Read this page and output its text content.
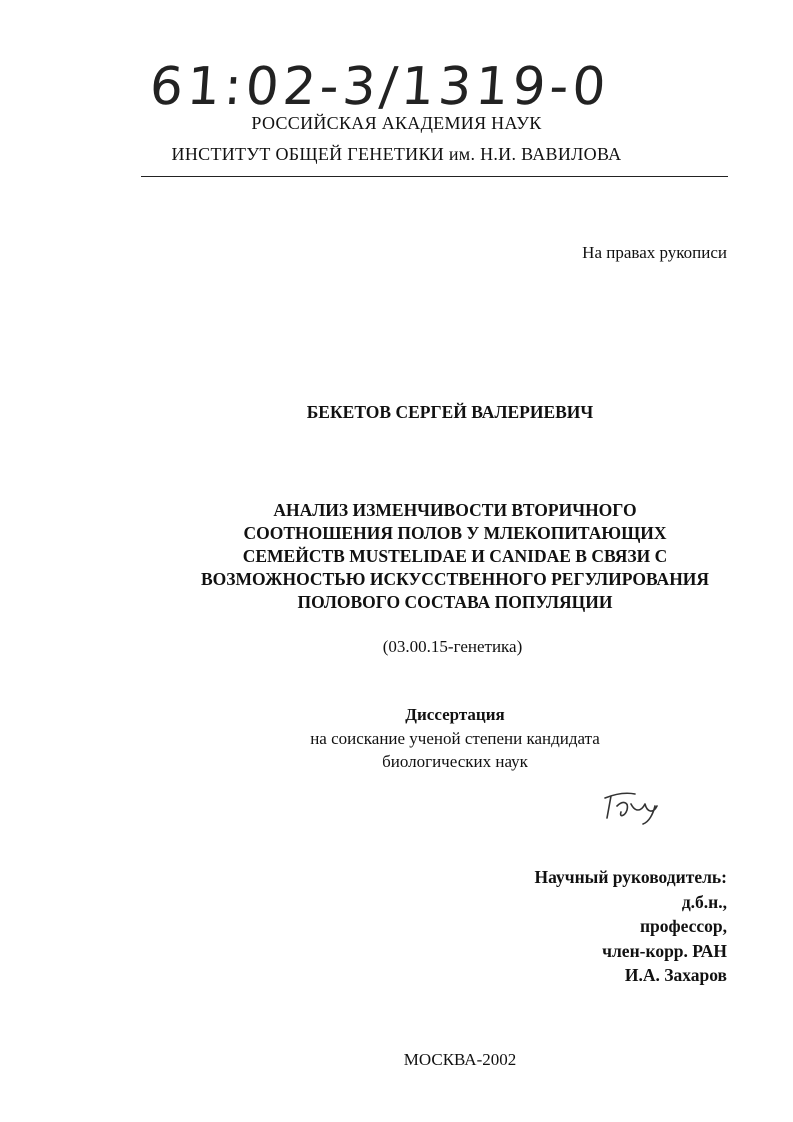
61:02-3/1319-0
РОССИЙСКАЯ АКАДЕМИЯ НАУК
ИНСТИТУТ ОБЩЕЙ ГЕНЕТИКИ им. Н.И. ВАВИЛОВА
На правах рукописи
БЕКЕТОВ СЕРГЕЙ ВАЛЕРИЕВИЧ
АНАЛИЗ ИЗМЕНЧИВОСТИ ВТОРИЧНОГО
СООТНОШЕНИЯ ПОЛОВ У МЛЕКОПИТАЮЩИХ
СЕМЕЙСТВ MUSTELIDAE И CANIDAE В СВЯЗИ С
ВОЗМОЖНОСТЬЮ ИСКУССТВЕННОГО РЕГУЛИРОВАНИЯ
ПОЛОВОГО СОСТАВА ПОПУЛЯЦИИ
(03.00.15-генетика)
Диссертация
на соискание ученой степени кандидата
биологических наук
Научный руководитель:
д.б.н.,
профессор,
член-корр. РАН
И.А. Захаров
МОСКВА-2002
